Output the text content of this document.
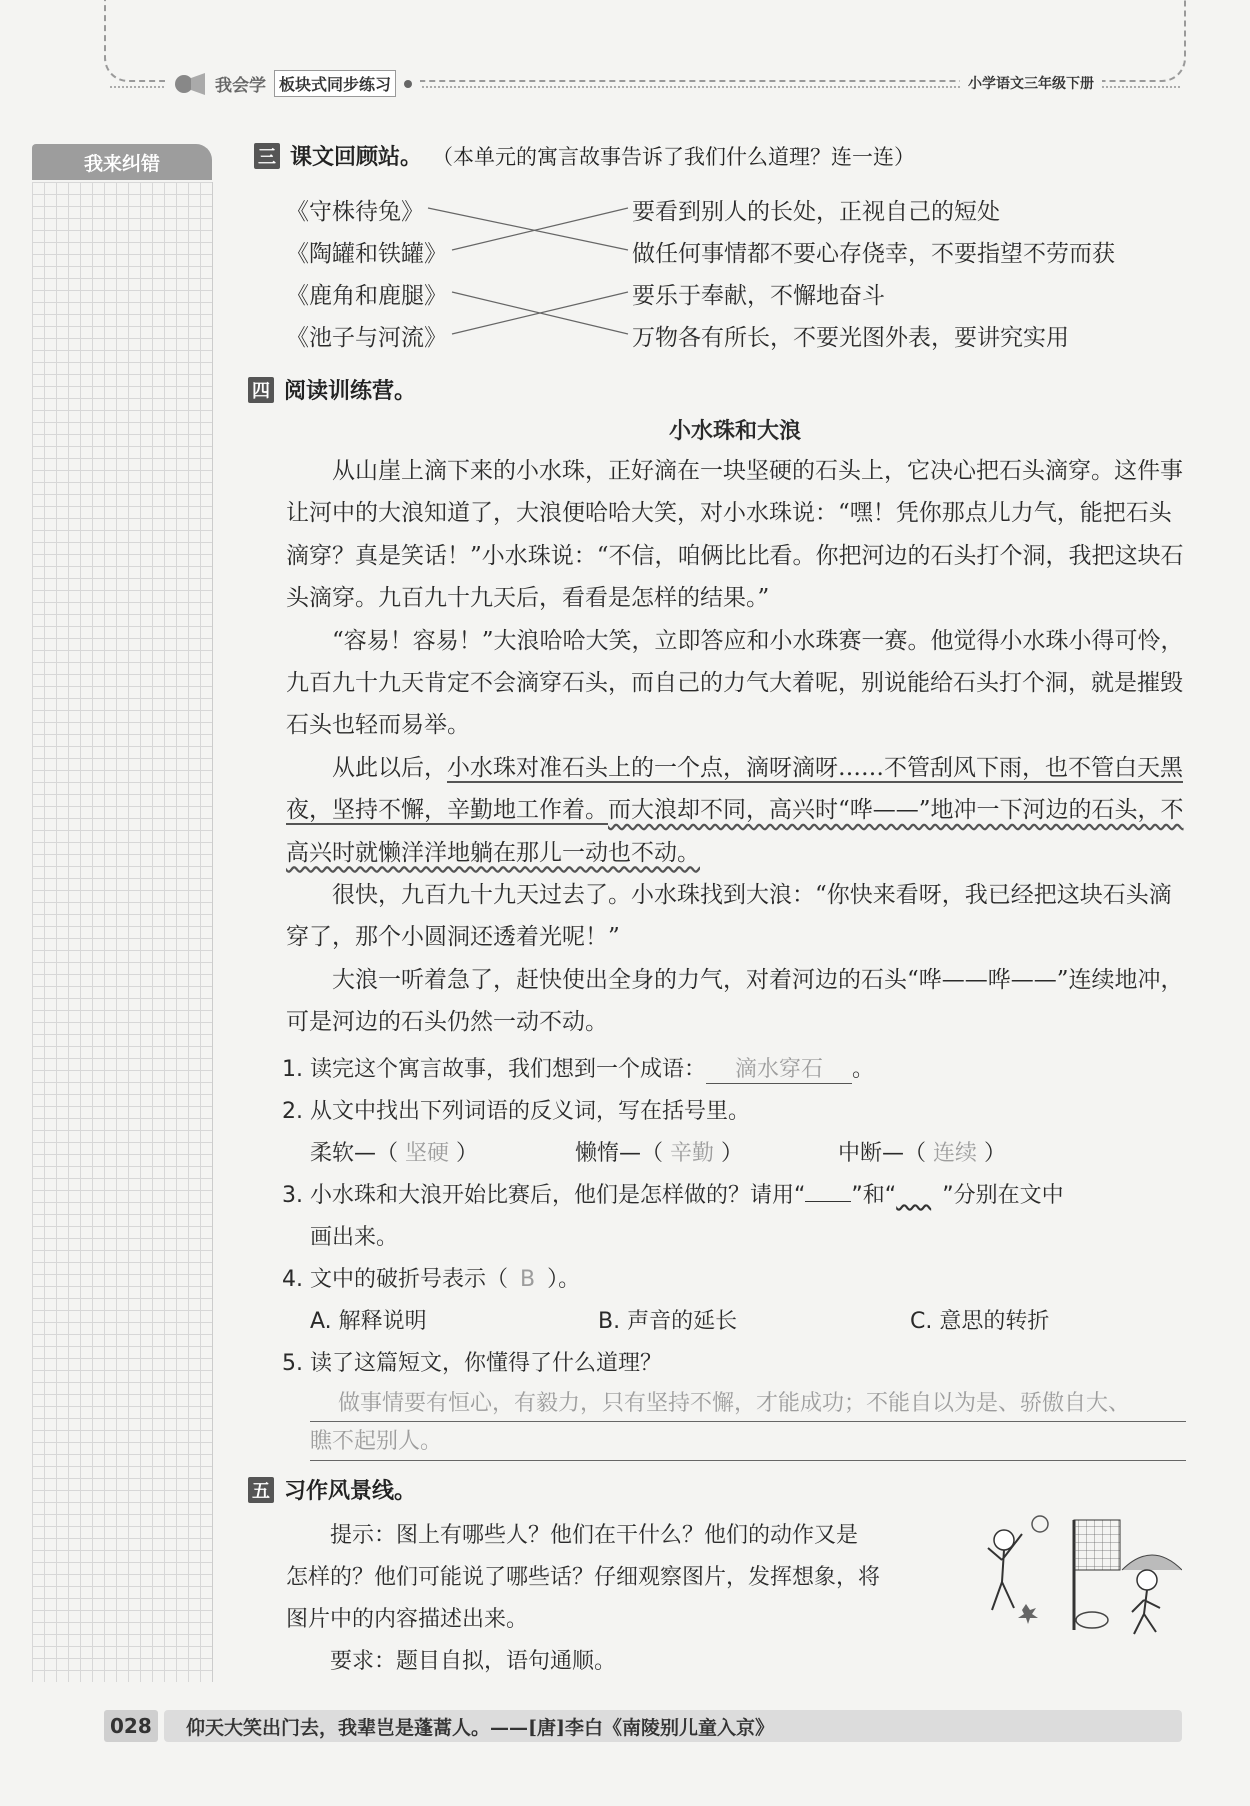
我会学 板块式同步练习	小学语文三年级下册
我来纠错	三 课文回顾站。 （本单元的寓言故事告诉了我们什么道理？连一连）
《守株待兔》
《陶罐和铁罐》
《鹿角和鹿腿》
《池子与河流》
要看到别人的长处，正视自己的短处
做任何事情都不要心存侥幸，不要指望不劳而获
要乐于奉献，不懈地奋斗
万物各有所长，不要光图外表，要讲究实用
四 阅读训练营。
小水珠和大浪

从山崖上滴下来的小水珠，正好滴在一块坚硬的石头上，它决心把石头滴穿。这件事让河中的大浪知道了，大浪便哈哈大笑，对小水珠说：“嘿！凭你那点儿力气，能把石头滴穿？真是笑话！”小水珠说：“不信，咱俩比比看。你把河边的石头打个洞，我把这块石头滴穿。九百九十九天后，看看是怎样的结果。”

“容易！容易！”大浪哈哈大笑，立即答应和小水珠赛一赛。他觉得小水珠小得可怜，九百九十九天肯定不会滴穿石头，而自己的力气大着呢，别说能给石头打个洞，就是摧毁石头也轻而易举。

从此以后，小水珠对准石头上的一个点，滴呀滴呀……不管刮风下雨，也不管白天黑夜，坚持不懈，辛勤地工作着。而大浪却不同，高兴时“哗——”地冲一下河边的石头，不高兴时就懒洋洋地躺在那儿一动也不动。

很快，九百九十九天过去了。小水珠找到大浪：“你快来看呀，我已经把这块石头滴穿了，那个小圆洞还透着光呢！”

大浪一听着急了，赶快使出全身的力气，对着河边的石头“哗——哗——”连续地冲，可是河边的石头仍然一动不动。

1. 读完这个寓言故事，我们想到一个成语： 滴水穿石 。
2. 从文中找出下列词语的反义词，写在括号里。
柔软—（ 坚硬 ）	懒惰—（ 辛勤 ）	中断—（ 连续 ）
3. 小水珠和大浪开始比赛后，他们是怎样做的？请用“ ”和“ ”分别在文中
画出来。
4. 文中的破折号表示（ B ）。
A. 解释说明	B. 声音的延长	C. 意思的转折
5. 读了这篇短文，你懂得了什么道理？
做事情要有恒心，有毅力，只有坚持不懈，才能成功；不能自以为是、骄傲自大、
瞧不起别人。
五 习作风景线。
提示：图上有哪些人？他们在干什么？他们的动作又是
怎样的？他们可能说了哪些话？仔细观察图片，发挥想象，将
图片中的内容描述出来。
要求：题目自拟，语句通顺。
028	仰天大笑出门去，我辈岂是蓬蒿人。——[唐]李白《南陵别儿童入京》
